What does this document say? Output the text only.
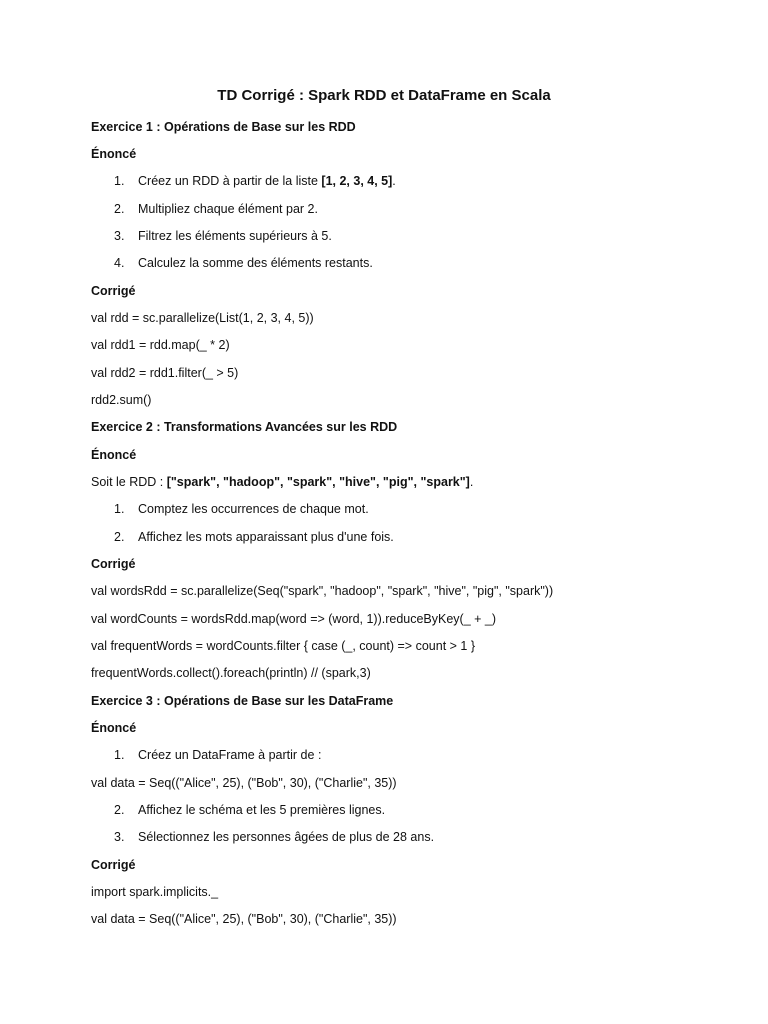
TD Corrigé : Spark RDD et DataFrame en Scala
Exercice 1 : Opérations de Base sur les RDD
Énoncé
1. Créez un RDD à partir de la liste [1, 2, 3, 4, 5].
2. Multipliez chaque élément par 2.
3. Filtrez les éléments supérieurs à 5.
4. Calculez la somme des éléments restants.
Corrigé
val rdd = sc.parallelize(List(1, 2, 3, 4, 5))
val rdd1 = rdd.map(_ * 2)
val rdd2 = rdd1.filter(_ > 5)
rdd2.sum()
Exercice 2 : Transformations Avancées sur les RDD
Énoncé
Soit le RDD : ["spark", "hadoop", "spark", "hive", "pig", "spark"].
1. Comptez les occurrences de chaque mot.
2. Affichez les mots apparaissant plus d'une fois.
Corrigé
val wordsRdd = sc.parallelize(Seq("spark", "hadoop", "spark", "hive", "pig", "spark"))
val wordCounts = wordsRdd.map(word => (word, 1)).reduceByKey(_ + _)
val frequentWords = wordCounts.filter { case (_, count) => count > 1 }
frequentWords.collect().foreach(println) // (spark,3)
Exercice 3 : Opérations de Base sur les DataFrame
Énoncé
1. Créez un DataFrame à partir de :
val data = Seq(("Alice", 25), ("Bob", 30), ("Charlie", 35))
2. Affichez le schéma et les 5 premières lignes.
3. Sélectionnez les personnes âgées de plus de 28 ans.
Corrigé
import spark.implicits._
val data = Seq(("Alice", 25), ("Bob", 30), ("Charlie", 35))
